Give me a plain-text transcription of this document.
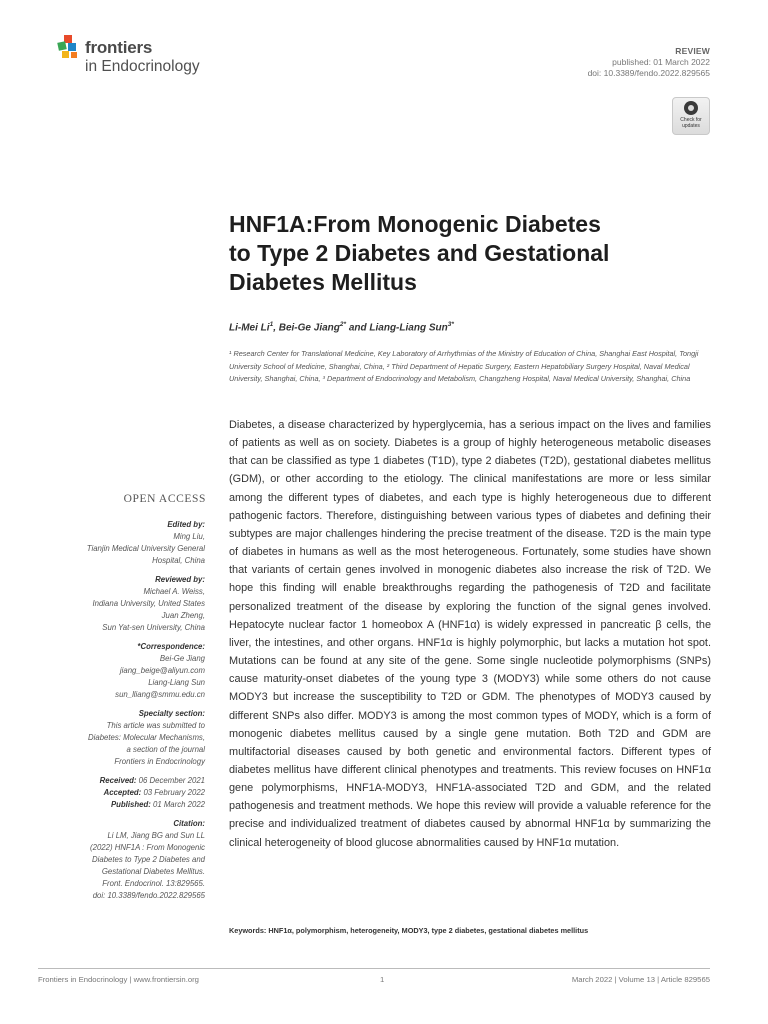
frontiers
in Endocrinology
REVIEW
published: 01 March 2022
doi: 10.3389/fendo.2022.829565
Check for updates
HNF1A:From Monogenic Diabetes
to Type 2 Diabetes and Gestational
Diabetes Mellitus
Li-Mei Li$^1$, Bei-Ge Jiang$^{2*}$ and Liang-Liang Sun$^{3*}$
¹ Research Center for Translational Medicine, Key Laboratory of Arrhythmias of the Ministry of Education of China, Shanghai East Hospital, Tongji University School of Medicine, Shanghai, China, ² Third Department of Hepatic Surgery, Eastern Hepatobiliary Surgery Hospital, Naval Medical University, Shanghai, China, ³ Department of Endocrinology and Metabolism, Changzheng Hospital, Naval Medical University, Shanghai, China

Diabetes, a disease characterized by hyperglycemia, has a serious impact on the lives and families of patients as well as on society. Diabetes is a group of highly heterogeneous metabolic diseases that can be classified as type 1 diabetes (T1D), type 2 diabetes (T2D), gestational diabetes mellitus (GDM), or other according to the etiology. The clinical manifestations are more or less similar among the different types of diabetes, and each type is highly heterogeneous due to different pathogenic factors. Therefore, distinguishing between various types of diabetes and defining their subtypes are major challenges hindering the precise treatment of the disease. T2D is the main type of diabetes in humans as well as the most heterogeneous. Fortunately, some studies have shown that variants of certain genes involved in monogenic diabetes also increase the risk of T2D. We hope this finding will enable breakthroughs regarding the pathogenesis of T2D and facilitate personalized treatment of the disease by exploring the function of the signal genes involved. Hepatocyte nuclear factor 1 homeobox A (HNF1α) is widely expressed in pancreatic β cells, the liver, the intestines, and other organs. HNF1α is highly polymorphic, but lacks a mutation hot spot. Mutations can be found at any site of the gene. Some single nucleotide polymorphisms (SNPs) cause maturity-onset diabetes of the young type 3 (MODY3) while some others do not cause MODY3 but increase the susceptibility to T2D or GDM. The phenotypes of MODY3 caused by different SNPs also differ. MODY3 is among the most common types of MODY, which is a form of monogenic diabetes mellitus caused by a single gene mutation. Both T2D and GDM are multifactorial diseases caused by both genetic and environmental factors. Different types of diabetes mellitus have different clinical phenotypes and treatments. This review focuses on HNF1α gene polymorphisms, HNF1A-MODY3, HNF1A-associated T2D and GDM, and the related pathogenesis and treatment methods. We hope this review will provide a valuable reference for the precise and individualized treatment of diabetes caused by abnormal HNF1α by summarizing the clinical heterogeneity of blood glucose abnormalities caused by HNF1α mutation.

Keywords: HNF1α, polymorphism, heterogeneity, MODY3, type 2 diabetes, gestational diabetes mellitus
OPEN ACCESS
Edited by:
Ming Liu,
Tianjin Medical University General
Hospital, China
Reviewed by:
Michael A. Weiss,
Indiana University, United States
Juan Zheng,
Sun Yat-sen University, China
*Correspondence:
Bei-Ge Jiang
jiang_beige@aliyun.com
Liang-Liang Sun
sun_lliang@smmu.edu.cn
Specialty section:
This article was submitted to
Diabetes: Molecular Mechanisms,
a section of the journal
Frontiers in Endocrinology
Received: 06 December 2021
Accepted: 03 February 2022
Published: 01 March 2022
Citation:
Li LM, Jiang BG and Sun LL
(2022) HNF1A : From Monogenic
Diabetes to Type 2 Diabetes and
Gestational Diabetes Mellitus.
Front. Endocrinol. 13:829565.
doi: 10.3389/fendo.2022.829565
Frontiers in Endocrinology | www.frontiersin.org	1	March 2022 | Volume 13 | Article 829565
